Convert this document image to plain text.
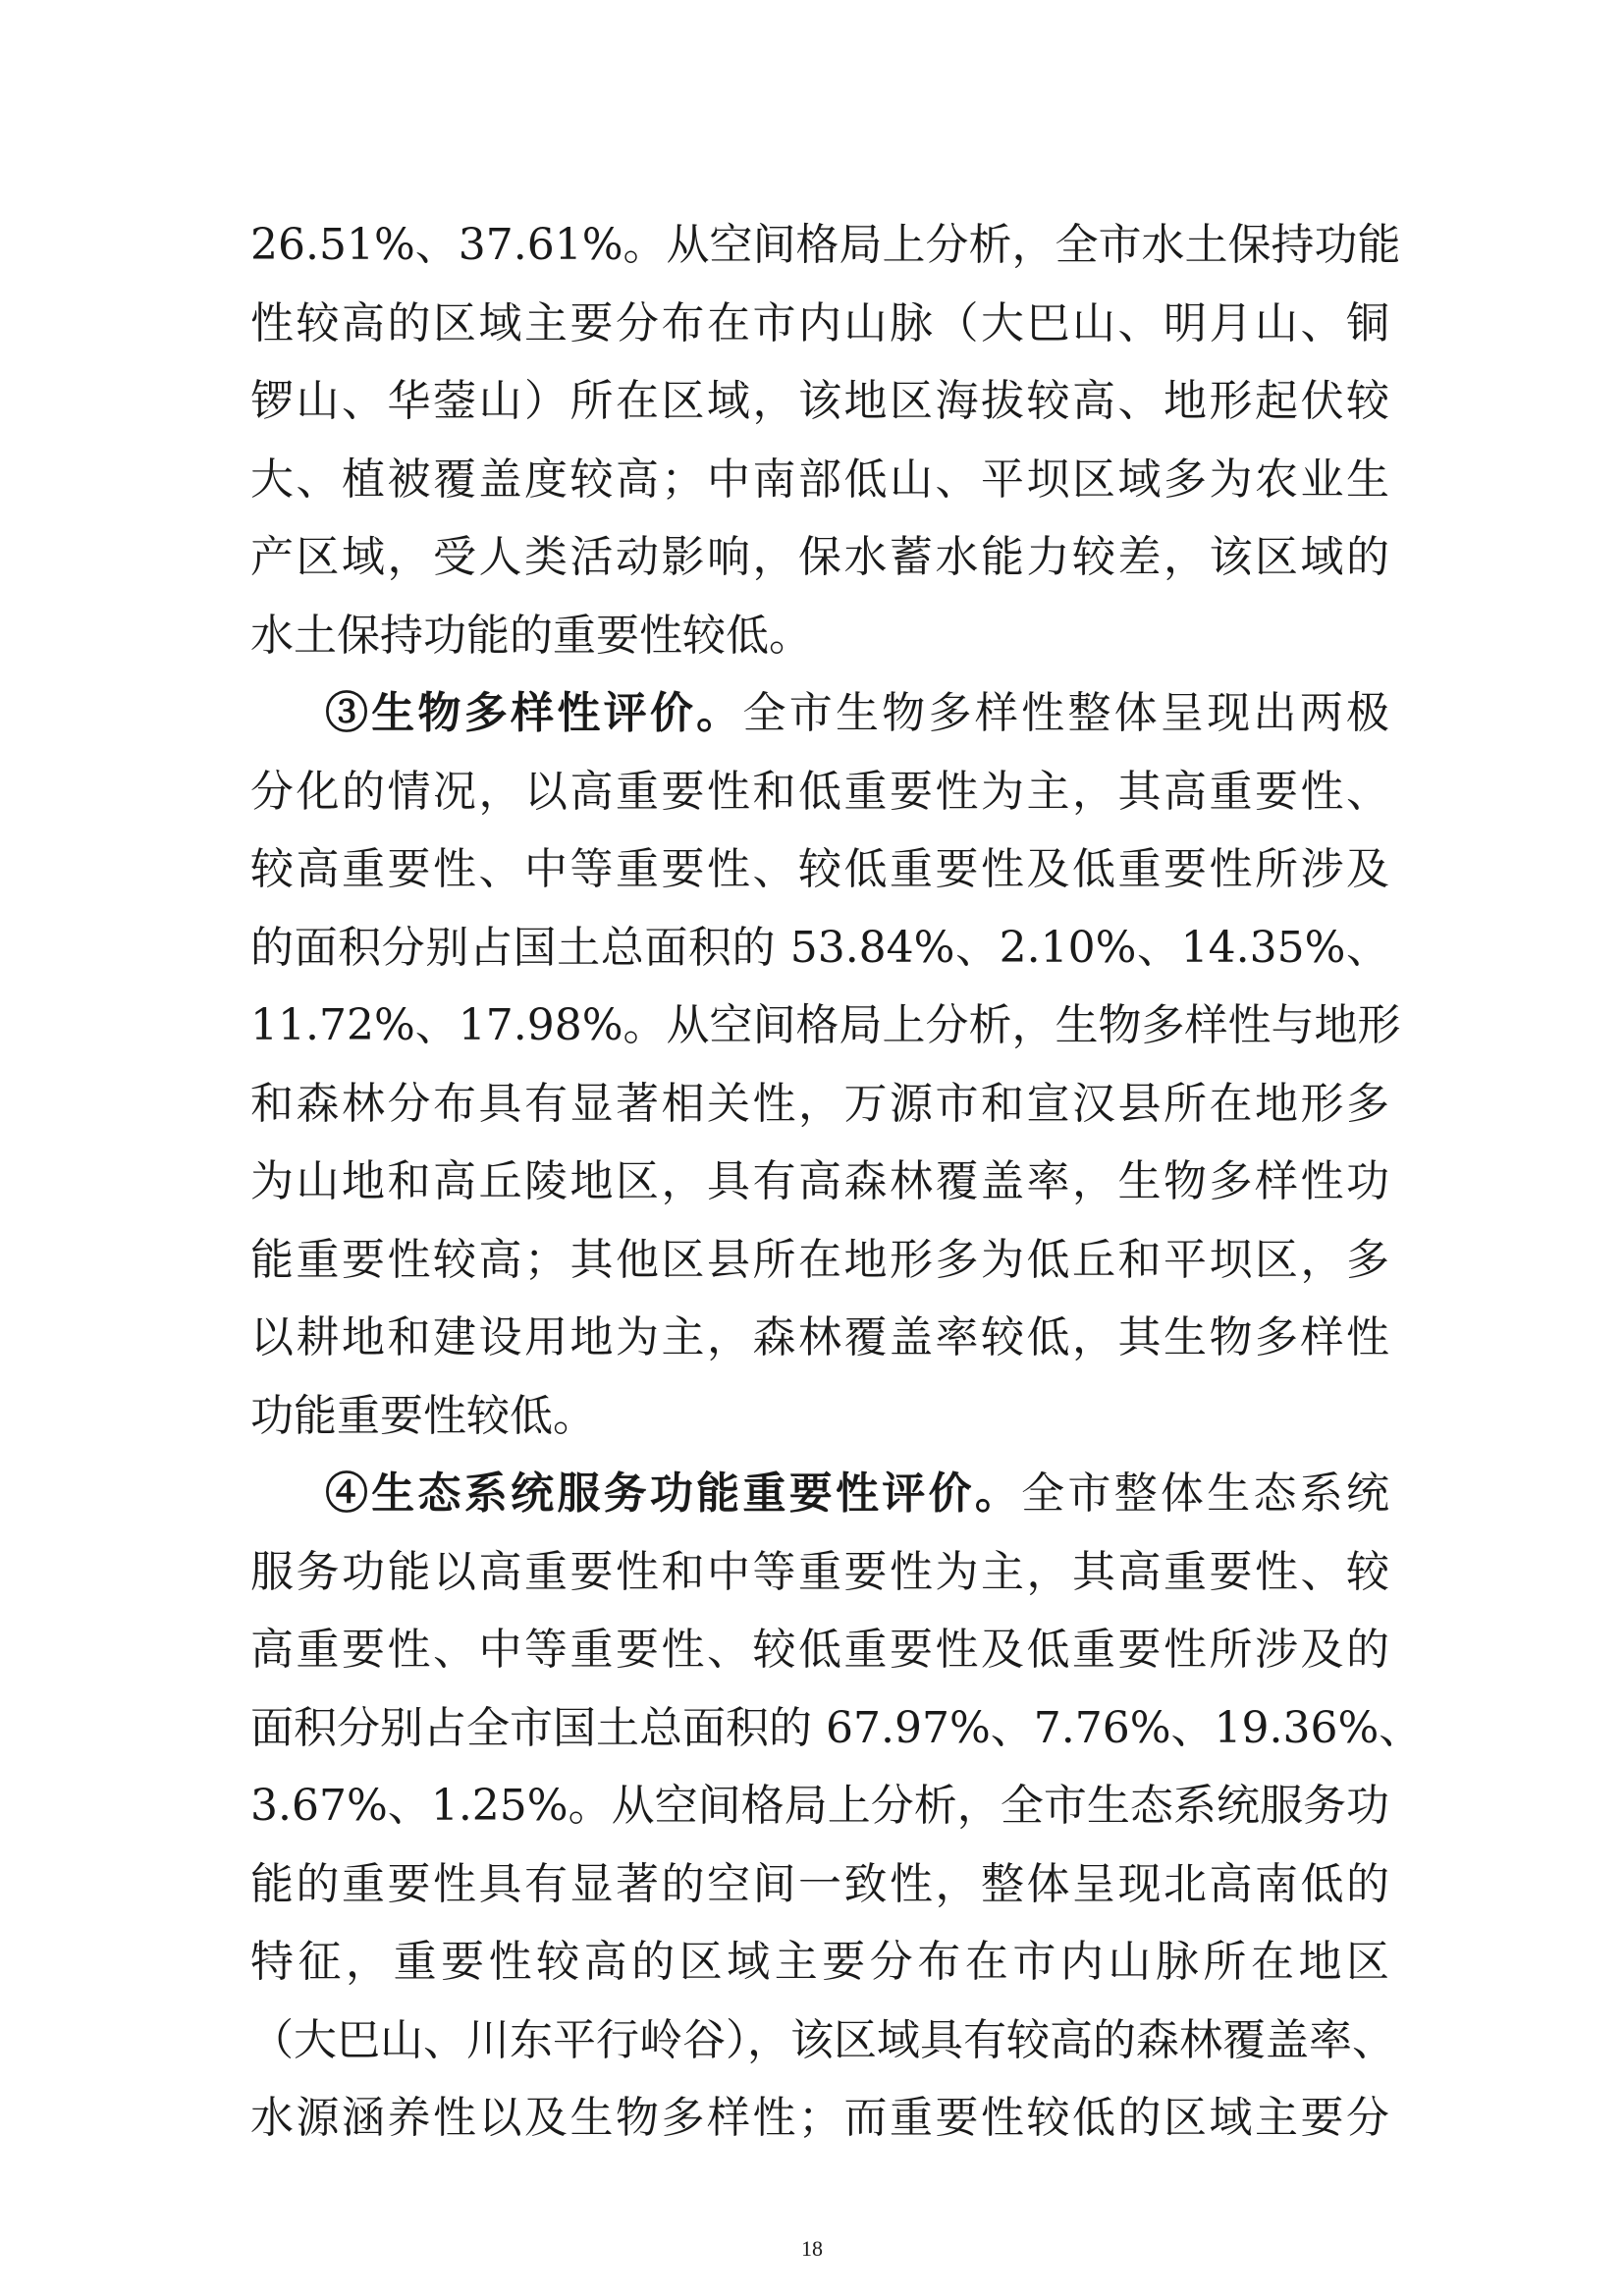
26.51%、37.61%。从空间格局上分析，全市水土保持功能
性较高的区域主要分布在市内山脉（大巴山、明月山、铜
锣山、华蓥山）所在区域，该地区海拔较高、地形起伏较
大、植被覆盖度较高；中南部低山、平坝区域多为农业生
产区域，受人类活动影响，保水蓄水能力较差，该区域的
水土保持功能的重要性较低。
③生物多样性评价。全市生物多样性整体呈现出两极
分化的情况，以高重要性和低重要性为主，其高重要性、
较高重要性、中等重要性、较低重要性及低重要性所涉及
的面积分别占国土总面积的 53.84%、2.10%、14.35%、
11.72%、17.98%。从空间格局上分析，生物多样性与地形
和森林分布具有显著相关性，万源市和宣汉县所在地形多
为山地和高丘陵地区，具有高森林覆盖率，生物多样性功
能重要性较高；其他区县所在地形多为低丘和平坝区，多
以耕地和建设用地为主，森林覆盖率较低，其生物多样性
功能重要性较低。
④生态系统服务功能重要性评价。全市整体生态系统
服务功能以高重要性和中等重要性为主，其高重要性、较
高重要性、中等重要性、较低重要性及低重要性所涉及的
面积分别占全市国土总面积的 67.97%、7.76%、19.36%、
3.67%、1.25%。从空间格局上分析，全市生态系统服务功
能的重要性具有显著的空间一致性，整体呈现北高南低的
特征，重要性较高的区域主要分布在市内山脉所在地区
（大巴山、川东平行岭谷），该区域具有较高的森林覆盖率、
水源涵养性以及生物多样性；而重要性较低的区域主要分
18
